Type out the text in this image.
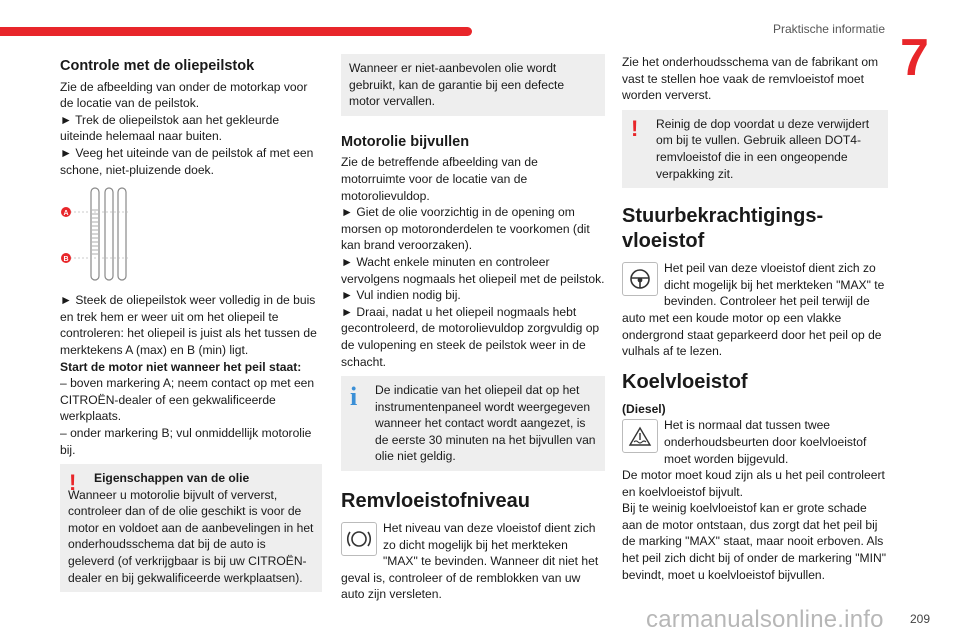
Praktische informatie 7

Controle met de oliepeilstok

Zie de afbeelding van onder de motorkap voor de locatie van de peilstok.

► Trek de oliepeilstok aan het gekleurde uiteinde helemaal naar buiten.

► Veeg het uiteinde van de peilstok af met een schone, niet-pluizende doek.

A
B

► Steek de oliepeilstok weer volledig in de buis en trek hem er weer uit om het oliepeil te controleren: het oliepeil is juist als het tussen de merktekens A (max) en B (min) ligt.

Start de motor niet wanneer het peil staat:

– boven markering A; neem contact op met een CITROËN-dealer of een gekwalificeerde werkplaats.

– onder markering B; vul onmiddellijk motorolie bij.

! Eigenschappen van de olie

Wanneer u motorolie bijvult of ververst, controleer dan of de olie geschikt is voor de motor en voldoet aan de aanbevelingen in het onderhoudsschema dat bij de auto is geleverd (of verkrijgbaar is bij uw CITROËN-dealer en bij gekwalificeerde werkplaatsen).

Wanneer er niet-aanbevolen olie wordt gebruikt, kan de garantie bij een defecte motor vervallen.

Motorolie bijvullen

Zie de betreffende afbeelding van de motorruimte voor de locatie van de motorolievuldop.

► Giet de olie voorzichtig in de opening om morsen op motoronderdelen te voorkomen (dit kan brand veroorzaken).

► Wacht enkele minuten en controleer vervolgens nogmaals het oliepeil met de peilstok.

► Vul indien nodig bij.

► Draai, nadat u het oliepeil nogmaals hebt gecontroleerd, de motorolievuldop zorgvuldig op de vulopening en steek de peilstok weer in de schacht.

i De indicatie van het oliepeil dat op het instrumentenpaneel wordt weergegeven wanneer het contact wordt aangezet, is de eerste 30 minuten na het bijvullen van olie niet geldig.

Remvloeistofniveau

Het niveau van deze vloeistof dient zich zo dicht mogelijk bij het merkteken "MAX" te bevinden. Wanneer dit niet het geval is, controleer of de remblokken van uw auto zijn versleten.

Zie het onderhoudsschema van de fabrikant om vast te stellen hoe vaak de remvloeistof moet worden ververst.

! Reinig de dop voordat u deze verwijdert om bij te vullen. Gebruik alleen DOT4-remvloeistof die in een ongeopende verpakking zit.

Stuurbekrachtigings-vloeistof

Het peil van deze vloeistof dient zich zo dicht mogelijk bij het merkteken "MAX" te bevinden. Controleer het peil terwijl de auto met een koude motor op een vlakke ondergrond staat geparkeerd door het peil op de vulhals af te lezen.

Koelvloeistof

(Diesel)

Het is normaal dat tussen twee onderhoudsbeurten door koelvloeistof moet worden bijgevuld.

De motor moet koud zijn als u het peil controleert en koelvloeistof bijvult.

Bij te weinig koelvloeistof kan er grote schade aan de motor ontstaan, dus zorgt dat het peil bij de marking "MAX" staat, maar nooit erboven. Als het peil zich dicht bij of onder de markering "MIN" bevindt, moet u koelvloeistof bijvullen.

carmanualsonline.info 209
